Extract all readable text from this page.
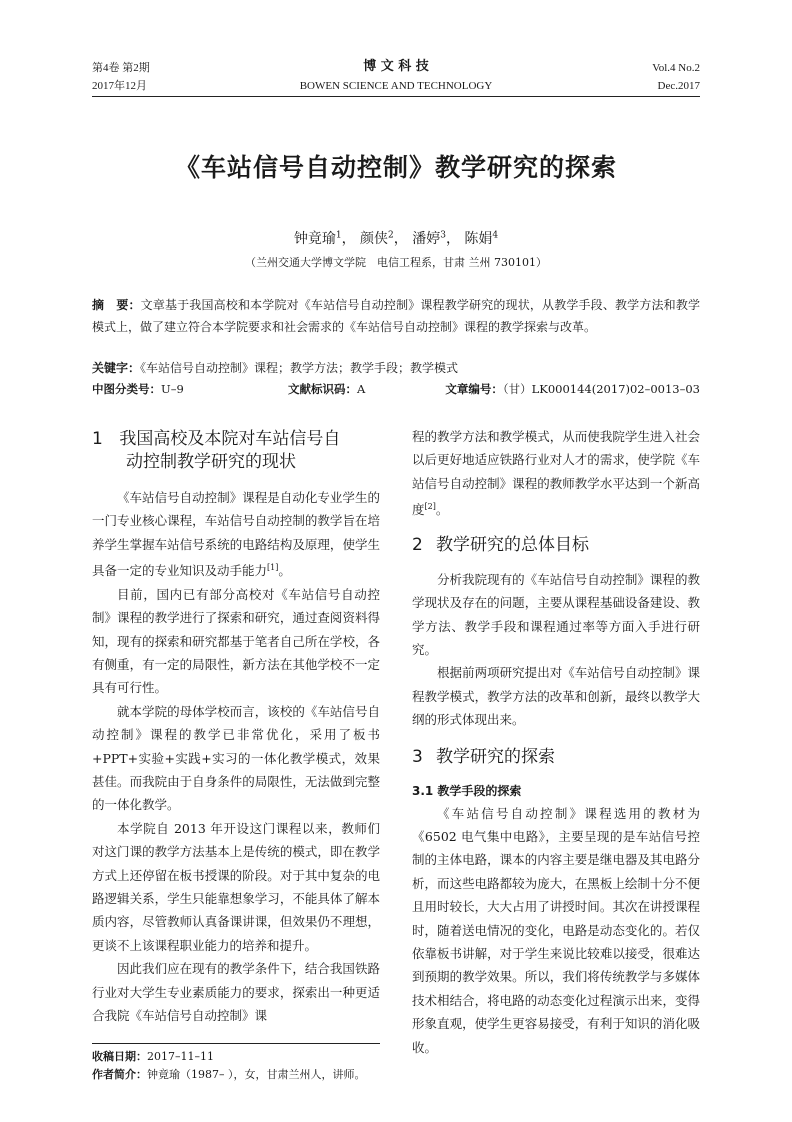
第4卷 第2期
2017年12月
博 文 科 技
BOWEN SCIENCE AND TECHNOLOGY
Vol.4 No.2
Dec.2017
《车站信号自动控制》教学研究的探索
钟竟瑜$^1$， 颜侠$^2$， 潘婷$^3$， 陈娟$^4$
（兰州交通大学博文学院　电信工程系，甘肃 兰州 730101）
摘　要：文章基于我国高校和本学院对《车站信号自动控制》课程教学研究的现状，从教学手段、教学方法和教学模式上，做了建立符合本学院要求和社会需求的《车站信号自动控制》课程的教学探索与改革。
关键字：《车站信号自动控制》课程；教学方法；教学手段；教学模式
中图分类号：U–9	文献标识码：A	文章编号：（甘）LK000144(2017)02–0013–03
1 我国高校及本院对车站信号自
动控制教学研究的现状

《车站信号自动控制》课程是自动化专业学生的一门专业核心课程，车站信号自动控制的教学旨在培养学生掌握车站信号系统的电路结构及原理，使学生具备一定的专业知识及动手能力[1]。

目前，国内已有部分高校对《车站信号自动控制》课程的教学进行了探索和研究，通过查阅资料得知，现有的探索和研究都基于笔者自己所在学校，各有侧重，有一定的局限性，新方法在其他学校不一定具有可行性。

就本学院的母体学校而言，该校的《车站信号自动控制》课程的教学已非常优化，采用了板书+PPT+实验+实践+实习的一体化教学模式，效果甚佳。而我院由于自身条件的局限性，无法做到完整的一体化教学。

本学院自 2013 年开设这门课程以来，教师们对这门课的教学方法基本上是传统的模式，即在教学方式上还停留在板书授课的阶段。对于其中复杂的电路逻辑关系，学生只能靠想象学习，不能具体了解本质内容，尽管教师认真备课讲课，但效果仍不理想，更谈不上该课程职业能力的培养和提升。

因此我们应在现有的教学条件下，结合我国铁路行业对大学生专业素质能力的要求，探索出一种更适合我院《车站信号自动控制》课

收稿日期：2017–11–11
作者简介：钟竟瑜（1987– ），女，甘肃兰州人，讲师。

程的教学方法和教学模式，从而使我院学生进入社会以后更好地适应铁路行业对人才的需求，使学院《车站信号自动控制》课程的教师教学水平达到一个新高度[2]。

2 教学研究的总体目标

分析我院现有的《车站信号自动控制》课程的教学现状及存在的问题，主要从课程基础设备建设、教学方法、教学手段和课程通过率等方面入手进行研究。

根据前两项研究提出对《车站信号自动控制》课程教学模式，教学方法的改革和创新，最终以教学大纲的形式体现出来。

3 教学研究的探索
3.1 教学手段的探索

《车站信号自动控制》课程选用的教材为《6502 电气集中电路》，主要呈现的是车站信号控制的主体电路，课本的内容主要是继电器及其电路分析，而这些电路都较为庞大，在黑板上绘制十分不便且用时较长，大大占用了讲授时间。其次在讲授课程时，随着送电情况的变化，电路是动态变化的。若仅依靠板书讲解，对于学生来说比较难以接受，很难达到预期的教学效果。所以，我们将传统教学与多媒体技术相结合，将电路的动态变化过程演示出来，变得形象直观，使学生更容易接受，有利于知识的消化吸收。
